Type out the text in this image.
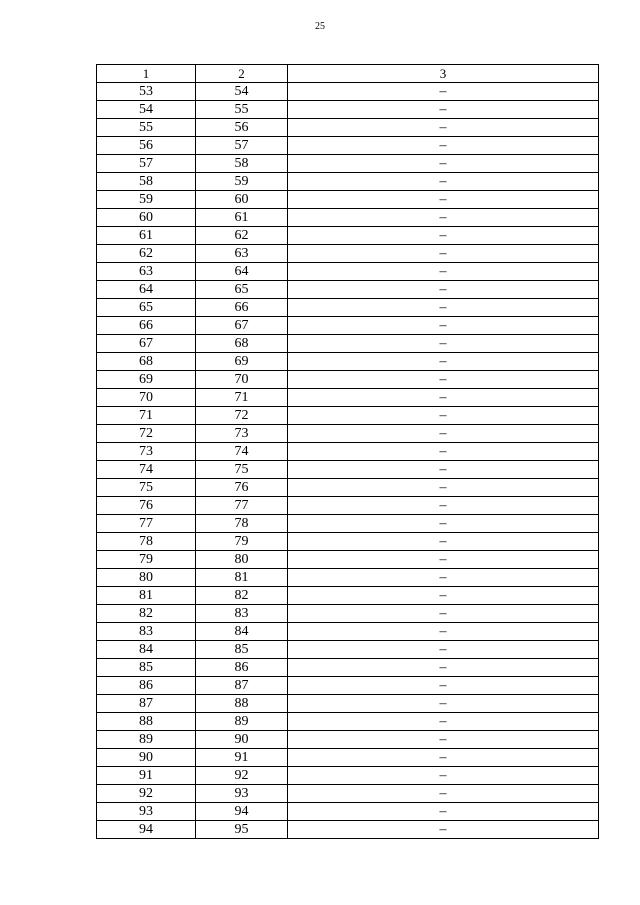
25
1	2	3
53	54	–
54	55	–
55	56	–
56	57	–
57	58	–
58	59	–
59	60	–
60	61	–
61	62	–
62	63	–
63	64	–
64	65	–
65	66	–
66	67	–
67	68	–
68	69	–
69	70	–
70	71	–
71	72	–
72	73	–
73	74	–
74	75	–
75	76	–
76	77	–
77	78	–
78	79	–
79	80	–
80	81	–
81	82	–
82	83	–
83	84	–
84	85	–
85	86	–
86	87	–
87	88	–
88	89	–
89	90	–
90	91	–
91	92	–
92	93	–
93	94	–
94	95	–
